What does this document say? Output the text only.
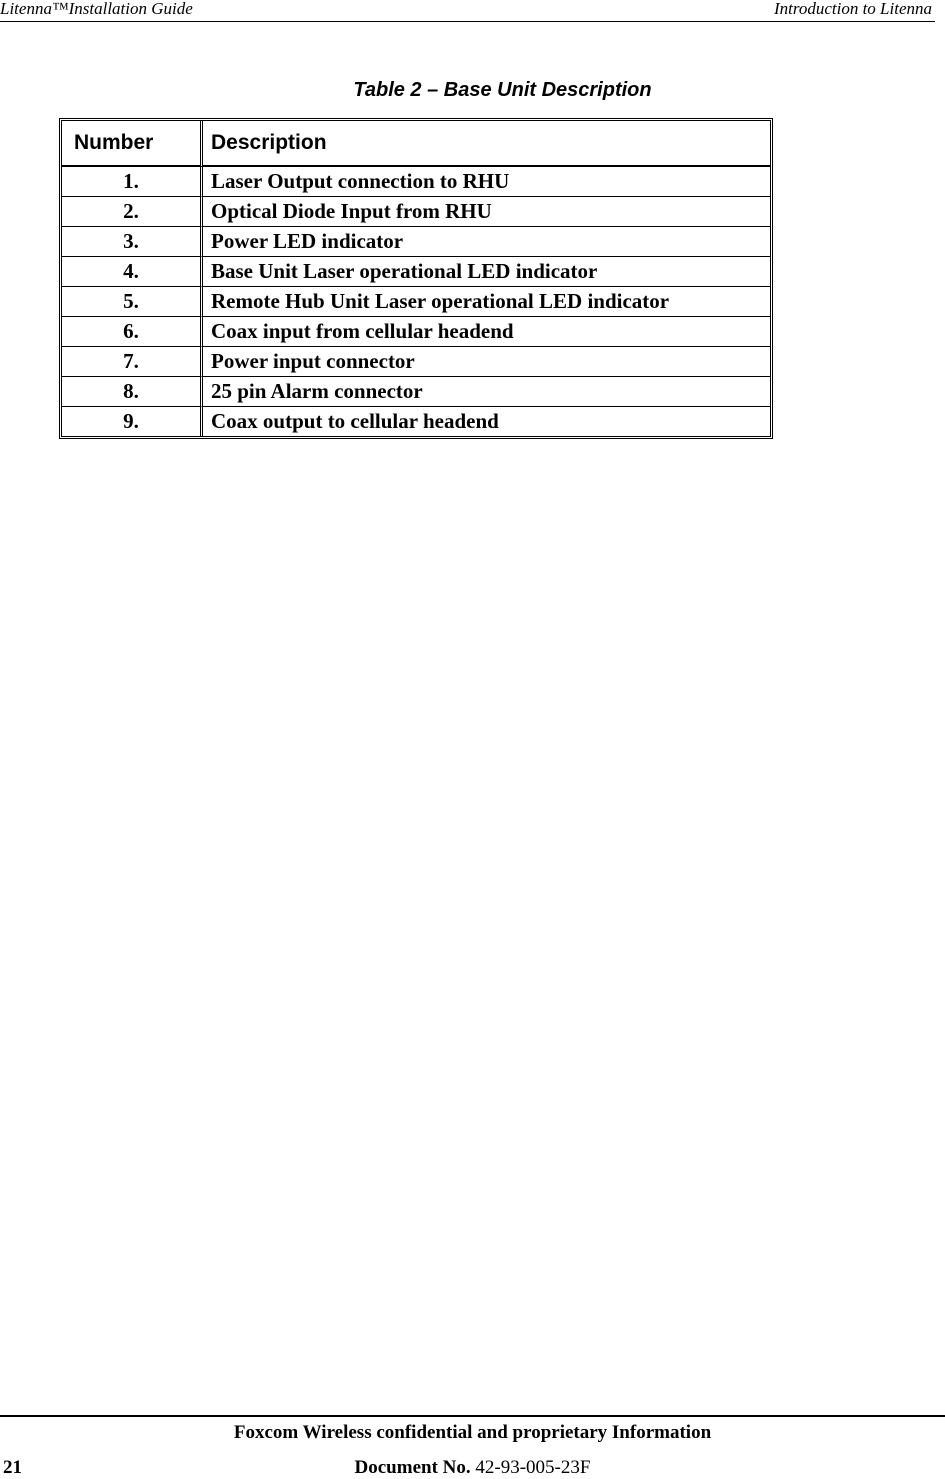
Litenna™Installation Guide	Introduction to Litenna
Table 2 – Base Unit Description
Number	Description
1.	Laser Output connection to RHU
2.	Optical Diode Input from RHU
3.	Power LED indicator
4.	Base Unit Laser operational LED indicator
5.	Remote Hub Unit Laser operational LED indicator
6.	Coax input from cellular headend
7.	Power input connector
8.	25 pin Alarm connector
9.	Coax output to cellular headend
Foxcom Wireless confidential and proprietary Information
21	Document No. 42-93-005-23F
